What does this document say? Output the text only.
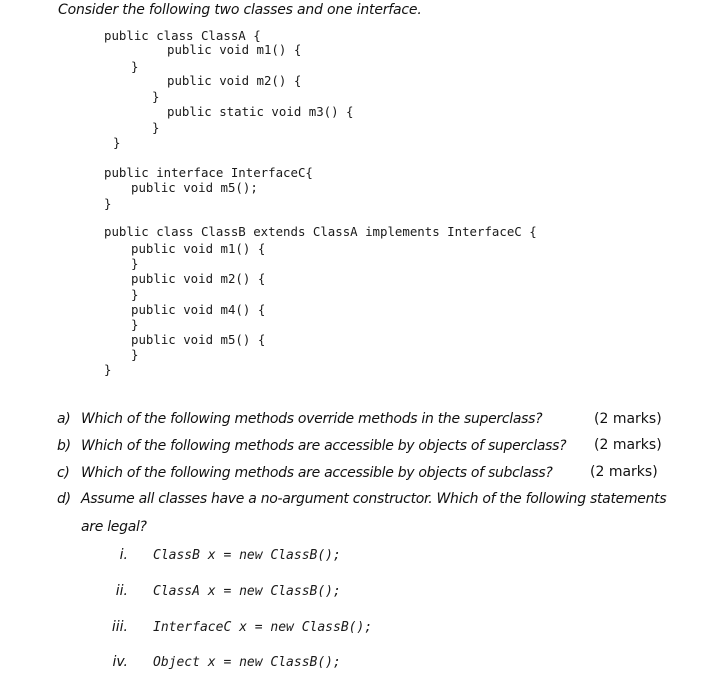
Consider the following two classes and one interface.
public class ClassA {
public void m1() {
}
public void m2() {
}
public static void m3() {
}
}
public interface InterfaceC{
public void m5();
}
public class ClassB extends ClassA implements InterfaceC {
public void m1() {
}
public void m2() {
}
public void m4() {
}
public void m5() {
}
}
a) Which of the following methods override methods in the superclass?	(2 marks)
b) Which of the following methods are accessible by objects of superclass? (2 marks)
c) Which of the following methods are accessible by objects of subclass?	(2 marks)
d) Assume all classes have a no-argument constructor. Which of the following statements
are legal?
i. ClassB x = new ClassB();
ii. ClassA x = new ClassB();
iii. InterfaceC x = new ClassB();
iv. Object x = new ClassB();
